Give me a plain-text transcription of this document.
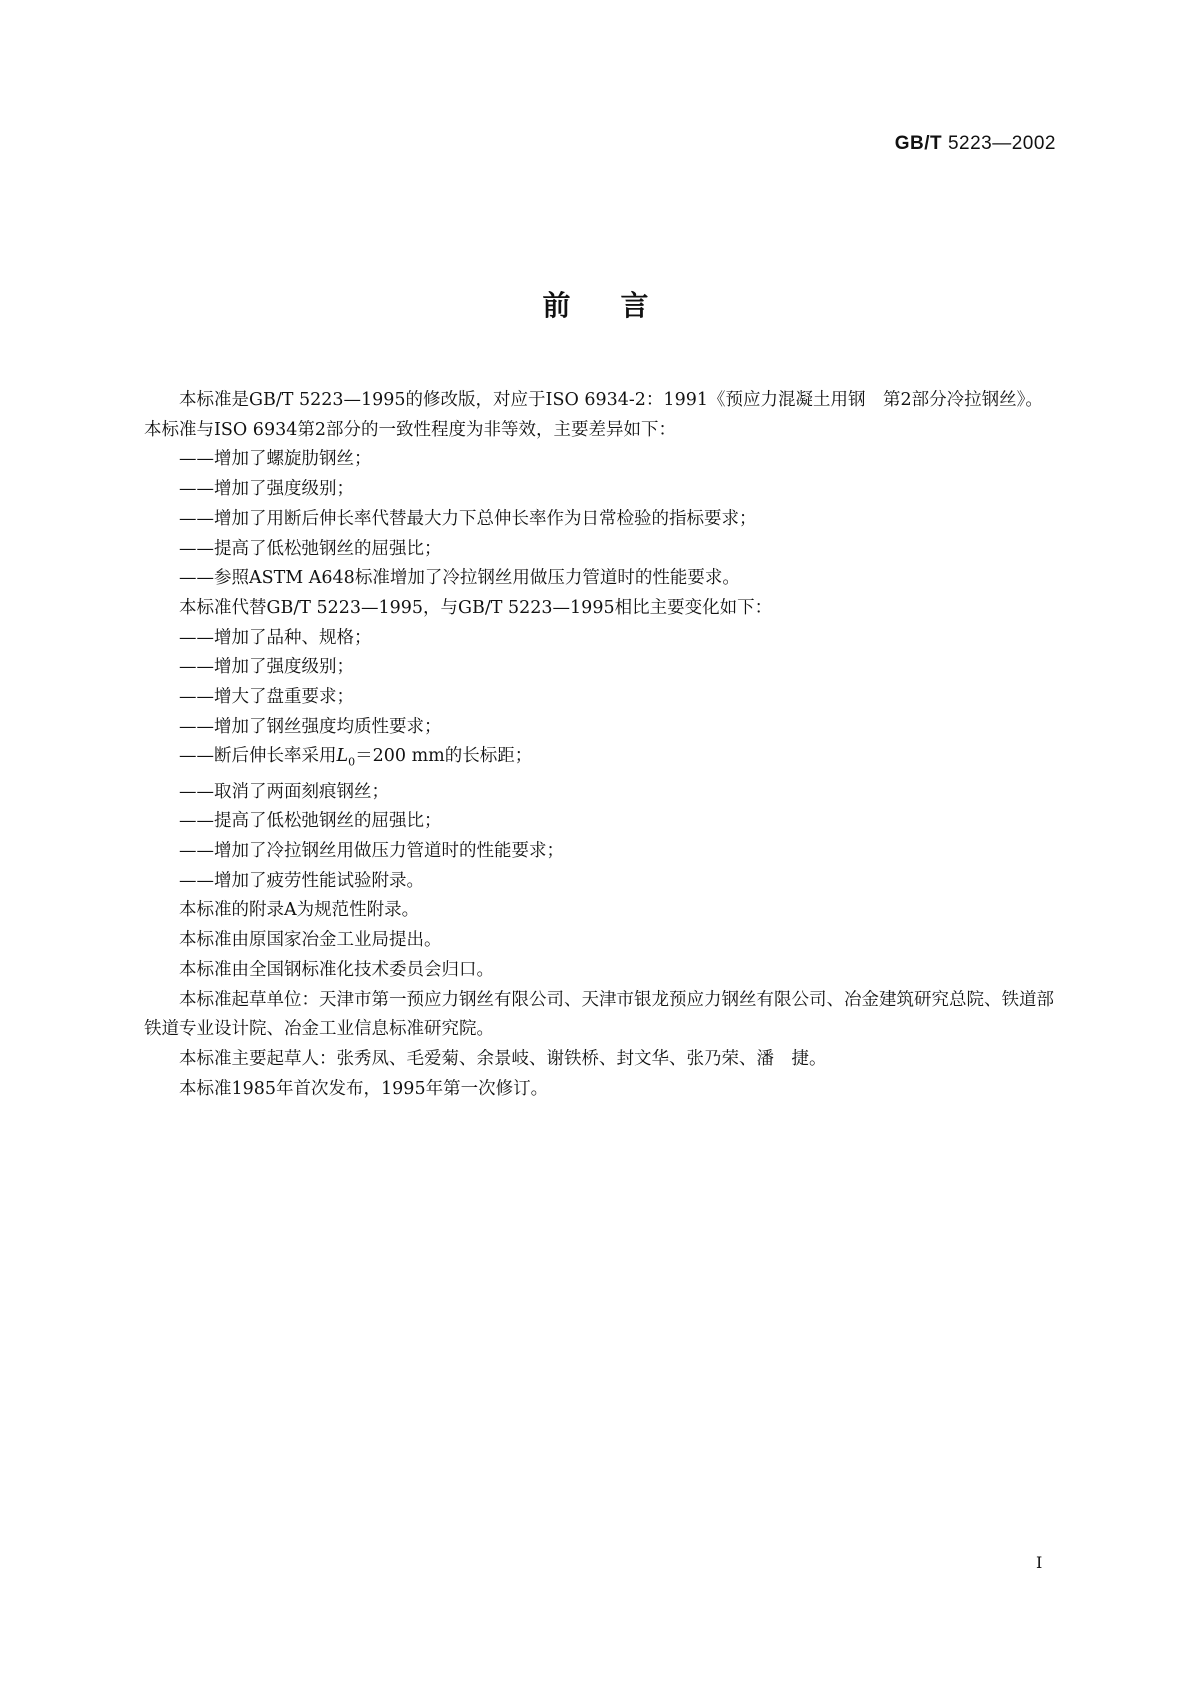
GB/T 5223—2002
前言

本标准是GB/T 5223—1995的修改版，对应于ISO 6934-2：1991《预应力混凝土用钢　第2部分冷拉钢丝》。本标准与ISO 6934第2部分的一致性程度为非等效，主要差异如下：

——增加了螺旋肋钢丝；

——增加了强度级别；

——增加了用断后伸长率代替最大力下总伸长率作为日常检验的指标要求；

——提高了低松弛钢丝的屈强比；

——参照ASTM A648标准增加了冷拉钢丝用做压力管道时的性能要求。

本标准代替GB/T 5223—1995，与GB/T 5223—1995相比主要变化如下：

——增加了品种、规格；

——增加了强度级别；

——增大了盘重要求；

——增加了钢丝强度均质性要求；

——断后伸长率采用$L_0=200$ mm的长标距；

——取消了两面刻痕钢丝；

——提高了低松弛钢丝的屈强比；

——增加了冷拉钢丝用做压力管道时的性能要求；

——增加了疲劳性能试验附录。

本标准的附录A为规范性附录。

本标准由原国家冶金工业局提出。

本标准由全国钢标准化技术委员会归口。

本标准起草单位：天津市第一预应力钢丝有限公司、天津市银龙预应力钢丝有限公司、冶金建筑研究总院、铁道部铁道专业设计院、冶金工业信息标准研究院。

本标准主要起草人：张秀凤、毛爱菊、余景岐、谢铁桥、封文华、张乃荣、潘　捷。

本标准1985年首次发布，1995年第一次修订。

I
